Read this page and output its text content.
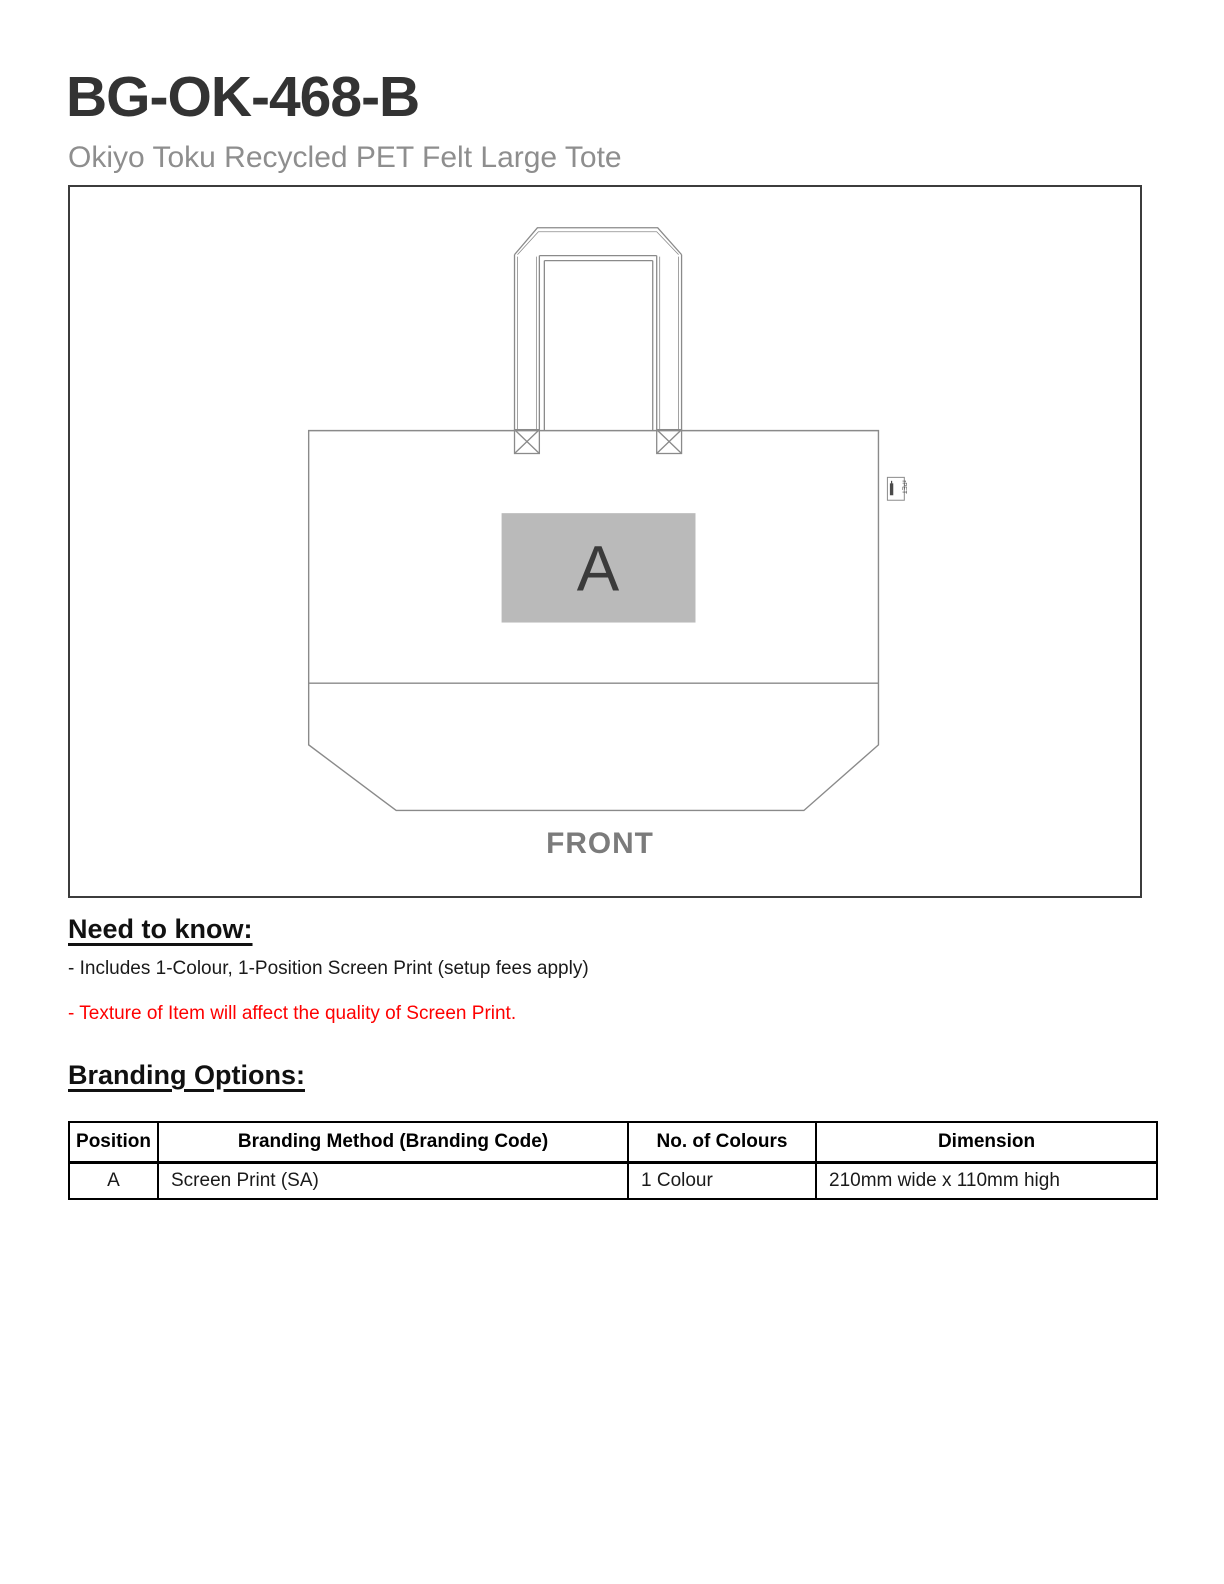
BG-OK-468-B
Okiyo Toku Recycled PET Felt Large Tote
A
rPET
FRONT
Need to know:
- Includes 1-Colour, 1-Position Screen Print (setup fees apply)
- Texture of Item will affect the quality of Screen Print.
Branding Options:
Position	Branding Method (Branding Code)	No. of Colours	Dimension
A	Screen Print (SA)	1 Colour	210mm wide x 110mm high
